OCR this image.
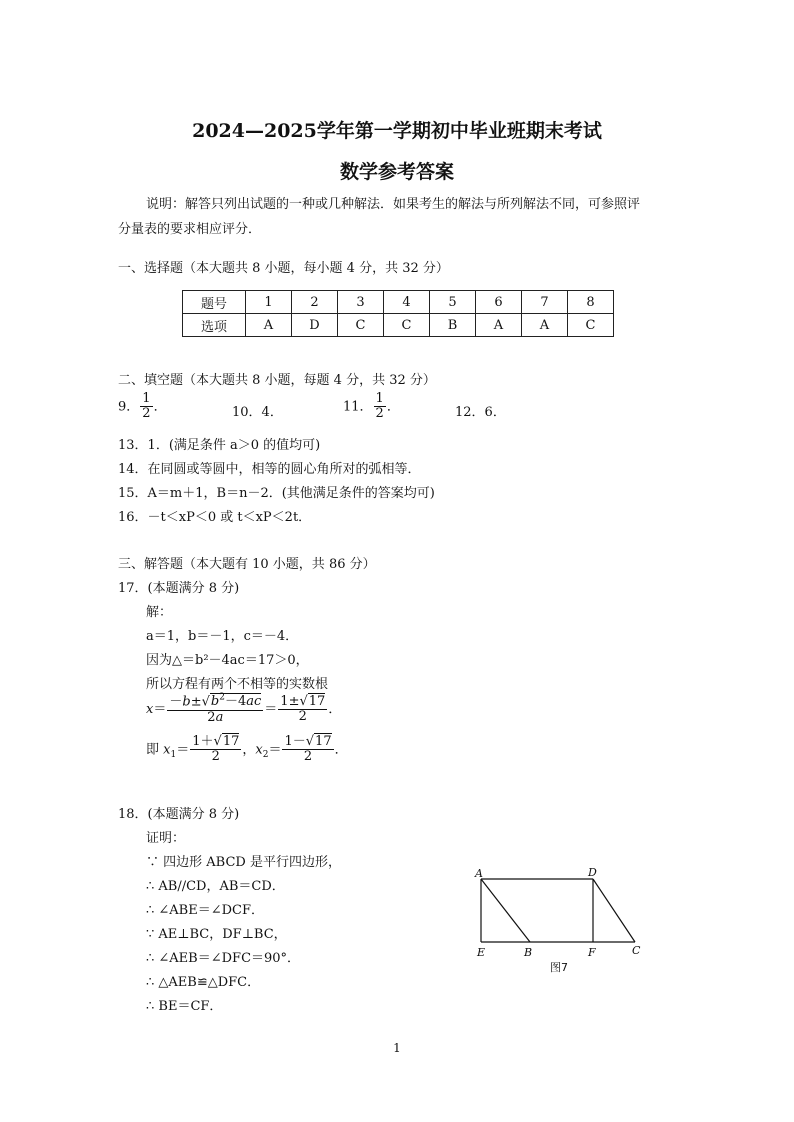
2024—2025学年第一学期初中毕业班期末考试
数学参考答案
说明：解答只列出试题的一种或几种解法．如果考生的解法与所列解法不同，可参照评
分量表的要求相应评分．
一、选择题（本大题共 8 小题，每小题 4 分，共 32 分）
题号	1	2	3	4	5	6	7	8
选项	A	D	C	C	B	A	A	C
二、填空题（本大题共 8 小题，每题 4 分，共 32 分）
9． $\frac{1}{2}$ ．	10．4．	11． $\frac{1}{2}$ ．	12．6．
13．1．(满足条件 a＞0 的值均可)
14．在同圆或等圆中，相等的圆心角所对的弧相等．
15．A＝m＋1，B＝n－2．(其他满足条件的答案均可)
16．－t＜xP＜0 或 t＜xP＜2t．
三、解答题（本大题有 10 小题，共 86 分）
17．(本题满分 8 分)
解：
a＝1，b＝－1，c＝－4．
因为△＝b²－4ac＝17＞0，
所以方程有两个不相等的实数根
$x= \frac{-b\pm√b^2-4ac}{2a} = \frac{1\pm√17}{2}$ ．
即 $x_1= \frac{1+√17}{2}$ ，$x_2= \frac{1-√17}{2}$ ．
18．(本题满分 8 分)
证明：
∵ 四边形 ABCD 是平行四边形，
∴ AB//CD，AB＝CD．
∴ ∠ABE＝∠DCF．
∵ AE⊥BC，DF⊥BC，
∴ ∠AEB＝∠DFC＝90°．
∴ △AEB≌△DFC．
∴ BE＝CF．
A	D
E	B	F	C
图7
1
